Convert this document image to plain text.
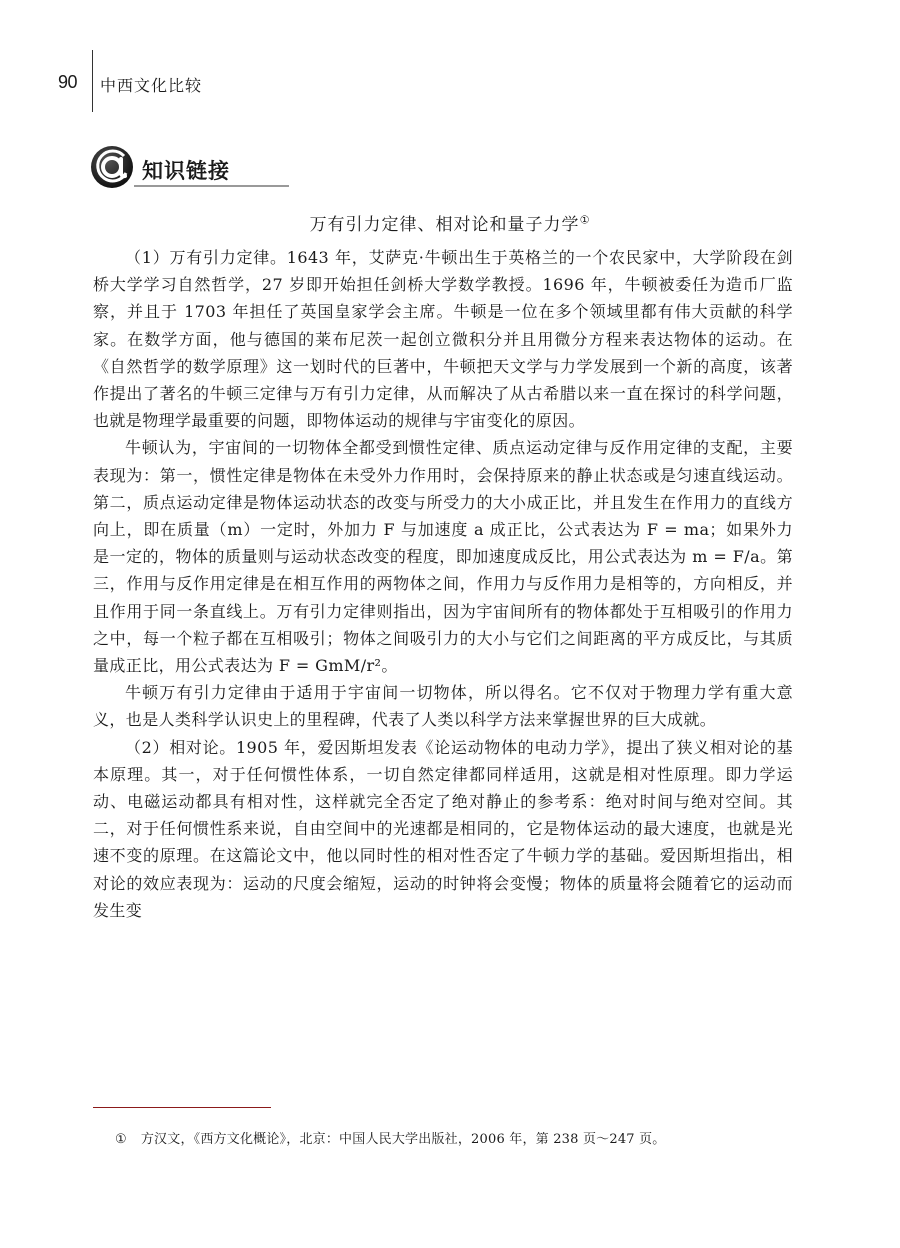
90	中西文化比较
知识链接
万有引力定律、相对论和量子力学①

（1）万有引力定律。1643 年，艾萨克·牛顿出生于英格兰的一个农民家中，大学阶段在剑桥大学学习自然哲学，27 岁即开始担任剑桥大学数学教授。1696 年，牛顿被委任为造币厂监察，并且于 1703 年担任了英国皇家学会主席。牛顿是一位在多个领域里都有伟大贡献的科学家。在数学方面，他与德国的莱布尼茨一起创立微积分并且用微分方程来表达物体的运动。在《自然哲学的数学原理》这一划时代的巨著中，牛顿把天文学与力学发展到一个新的高度，该著作提出了著名的牛顿三定律与万有引力定律，从而解决了从古希腊以来一直在探讨的科学问题，也就是物理学最重要的问题，即物体运动的规律与宇宙变化的原因。

牛顿认为，宇宙间的一切物体全都受到惯性定律、质点运动定律与反作用定律的支配，主要表现为：第一，惯性定律是物体在未受外力作用时，会保持原来的静止状态或是匀速直线运动。第二，质点运动定律是物体运动状态的改变与所受力的大小成正比，并且发生在作用力的直线方向上，即在质量（m）一定时，外加力 F 与加速度 a 成正比，公式表达为 F = ma；如果外力是一定的，物体的质量则与运动状态改变的程度，即加速度成反比，用公式表达为 m = F/a。第三，作用与反作用定律是在相互作用的两物体之间，作用力与反作用力是相等的，方向相反，并且作用于同一条直线上。万有引力定律则指出，因为宇宙间所有的物体都处于互相吸引的作用力之中，每一个粒子都在互相吸引；物体之间吸引力的大小与它们之间距离的平方成反比，与其质量成正比，用公式表达为 F = GmM/r²。

牛顿万有引力定律由于适用于宇宙间一切物体，所以得名。它不仅对于物理力学有重大意义，也是人类科学认识史上的里程碑，代表了人类以科学方法来掌握世界的巨大成就。

（2）相对论。1905 年，爱因斯坦发表《论运动物体的电动力学》，提出了狭义相对论的基本原理。其一，对于任何惯性体系，一切自然定律都同样适用，这就是相对性原理。即力学运动、电磁运动都具有相对性，这样就完全否定了绝对静止的参考系：绝对时间与绝对空间。其二，对于任何惯性系来说，自由空间中的光速都是相同的，它是物体运动的最大速度，也就是光速不变的原理。在这篇论文中，他以同时性的相对性否定了牛顿力学的基础。爱因斯坦指出，相对论的效应表现为：运动的尺度会缩短，运动的时钟将会变慢；物体的质量将会随着它的运动而发生变

① 方汉文，《西方文化概论》，北京：中国人民大学出版社，2006 年，第 238 页～247 页。
